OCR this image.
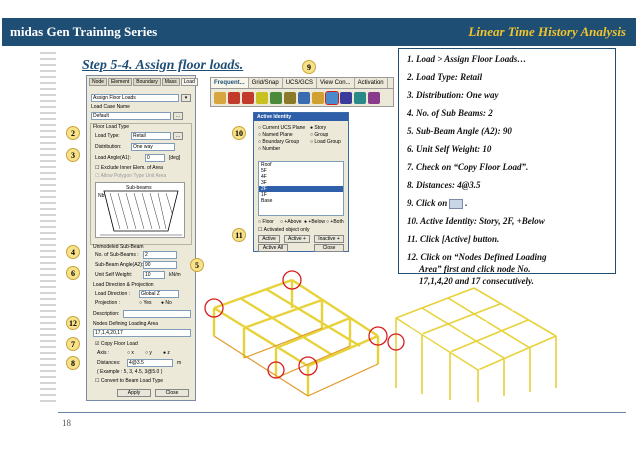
midas Gen Training Series	Linear Time History Analysis
Step 5-4. Assign floor loads.
Node	Element	Boundary	Mass	Load
Assign Floor Loads	▾
Load Case Name
Default	…
Floor Load Type
Load Type:	Retail	…
Distribution:	One way
Load Angle(A1):	0	[deg]
☐ Exclude Inner Elem. of Area
☐ Allow Polygon Type Unit Area
Sub-beams
Nb
Unmodeled Sub-Beam
No. of Sub-Beams :	2
Sub-Beam Angle(A2): 90
Unit Self Weight:	10	kN/m
Load Direction & Projection
Load Direction :	Global Z
Projection :	○ Yes ● No
Description:
Nodes Defining Loading Area
17,1,4,20,17
☑ Copy Floor Load
Axis :	○ x ○ y ● z
Distances:	4@3.5	m
( Example : 5, 3, 4.5, 3@5.0 )
☐ Convert to Beam Load Type
Apply	Close
Frequent...	Grid/Snap	UCS/GCS	View Con...	Activation
Active Identity
○ Current UCS Plane
○ Named Plane
○ Boundary Group
○ Number
● Story
○ Group
○ Load Group
Roof
5F
4F
3F
2F
1F
Base
○ Floor ○ +Above ● +Below ○ +Both
☐ Activated object only
Active	Active +	Inactive +
Active All	Close
1. Load > Assign Floor Loads…
2. Load Type: Retail
3. Distribution: One way
4. No. of Sub Beams: 2
5. Sub-Beam Angle (A2): 90
6. Unit Self Weight: 10
7. Check on “Copy Floor Load”.
8. Distances: 4@3.5
9. Click on .
10. Active Identity: Story, 2F, +Below
11. Click [Active] button.
12. Click on “Nodes Defined Loading
Area” first and click node No.
17,1,4,20 and 17 consecutively.
2
3
4
5
6
7
8
9
10
11
12
18
